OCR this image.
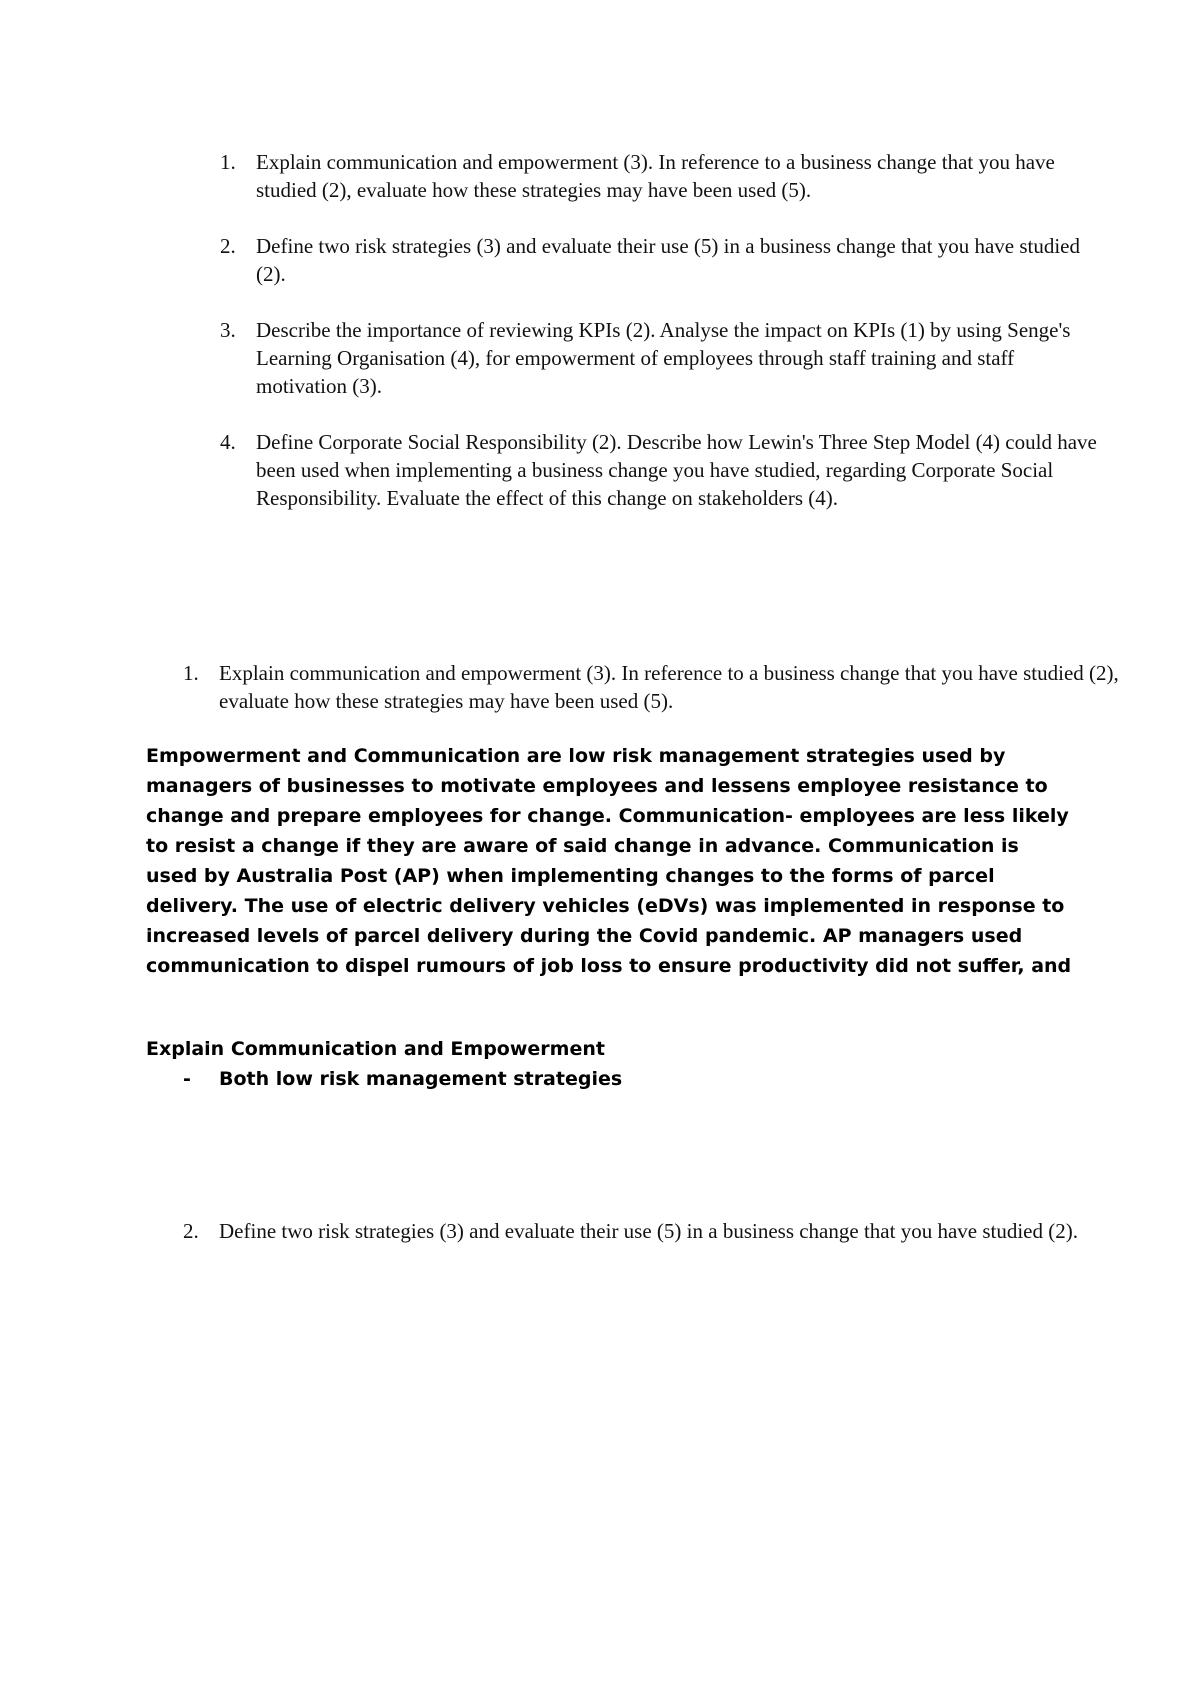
1. Explain communication and empowerment (3). In reference to a business change that you have studied (2), evaluate how these strategies may have been used (5).
2. Define two risk strategies (3) and evaluate their use (5) in a business change that you have studied (2).
3. Describe the importance of reviewing KPIs (2). Analyse the impact on KPIs (1) by using Senge's Learning Organisation (4), for empowerment of employees through staff training and staff motivation (3).
4. Define Corporate Social Responsibility (2). Describe how Lewin's Three Step Model (4) could have been used when implementing a business change you have studied, regarding Corporate Social Responsibility. Evaluate the effect of this change on stakeholders (4).
1. Explain communication and empowerment (3). In reference to a business change that you have studied (2), evaluate how these strategies may have been used (5).

Empowerment and Communication are low risk management strategies used by managers of businesses to motivate employees and lessens employee resistance to change and prepare employees for change. Communication- employees are less likely to resist a change if they are aware of said change in advance. Communication is used by Australia Post (AP) when implementing changes to the forms of parcel delivery. The use of electric delivery vehicles (eDVs) was implemented in response to increased levels of parcel delivery during the Covid pandemic. AP managers used communication to dispel rumours of job loss to ensure productivity did not suffer, and

Explain Communication and Empowerment

- Both low risk management strategies

2. Define two risk strategies (3) and evaluate their use (5) in a business change that you have studied (2).
